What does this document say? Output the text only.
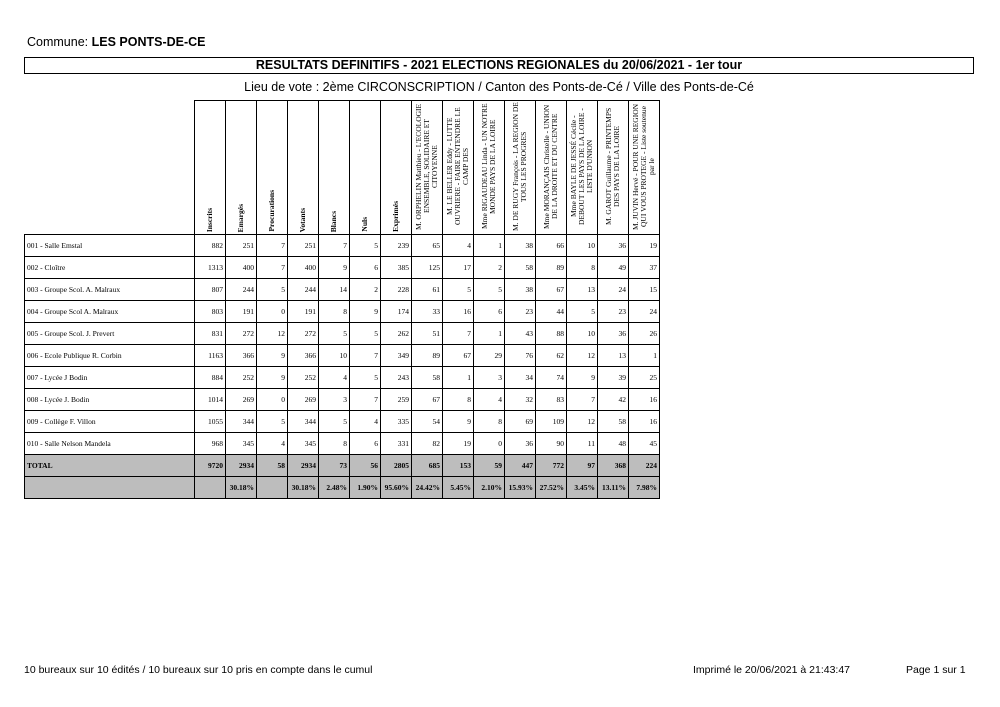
Commune: LES PONTS-DE-CE
RESULTATS DEFINITIFS - 2021 ELECTIONS REGIONALES du 20/06/2021 - 1er tour
Lieu de vote : 2ème CIRCONSCRIPTION / Canton des Ponts-de-Cé / Ville des Ponts-de-Cé

	Inscrits	Emargés	Procurations	Votants	Blancs	Nuls	Exprimés	M. ORPHELIN Matthieu - L'ECOLOGIE ENSEMBLE, SOLIDAIRE ET CITOYENNE	M. LE BELLER Eddy - LUTTE OUVRIERE - FAIRE ENTENDRE LE CAMP DES	Mme RIGAUDEAU Linda - UN NOTRE MONDE PAYS DE LA LOIRE	M. DE RUGY François - LA REGION DE TOUS LES PROGRES	Mme MORANÇAIS Christelle - UNION DE LA DROITE ET DU CENTRE	Mme BAYLE DE JESSÉ Cécile - DEBOUT LES PAYS DE LA LOIRE - LISTE D'UNION	M. GAROT Guillaume - PRINTEMPS DES PAYS DE LA LOIRE	M. JUVIN Hervé - POUR UNE REGION QUI VOUS PROTEGE - Liste soutenue par le

001 - Salle Emstal	882	251	7	251	7	5	239	65	4	1	38	66	10	36	19
002 - Cloître	1313	400	7	400	9	6	385	125	17	2	58	89	8	49	37
003 - Groupe Scol. A. Malraux	807	244	5	244	14	2	228	61	5	5	38	67	13	24	15
004 - Groupe Scol A. Malraux	803	191	0	191	8	9	174	33	16	6	23	44	5	23	24
005 - Groupe Scol. J. Prevert	831	272	12	272	5	5	262	51	7	1	43	88	10	36	26
006 - Ecole Publique R. Corbin	1163	366	9	366	10	7	349	89	67	29	76	62	12	13	1
007 - Lycée J Bodin	884	252	9	252	4	5	243	58	1	3	34	74	9	39	25
008 - Lycée J. Bodin	1014	269	0	269	3	7	259	67	8	4	32	83	7	42	16
009 - Collège F. Villon	1055	344	5	344	5	4	335	54	9	8	69	109	12	58	16
010 - Salle Nelson Mandela	968	345	4	345	8	6	331	82	19	0	36	90	11	48	45
TOTAL	9720	2934	58	2934	73	56	2805	685	153	59	447	772	97	368	224
		30.18%		30.18%	2.48%	1.90%	95.60%	24.42%	5.45%	2.10%	15.93%	27.52%	3.45%	13.11%	7.98%
10 bureaux sur 10 édités / 10 bureaux sur 10 pris en compte dans le cumul	Imprimé le 20/06/2021 à 21:43:47	Page 1 sur 1
